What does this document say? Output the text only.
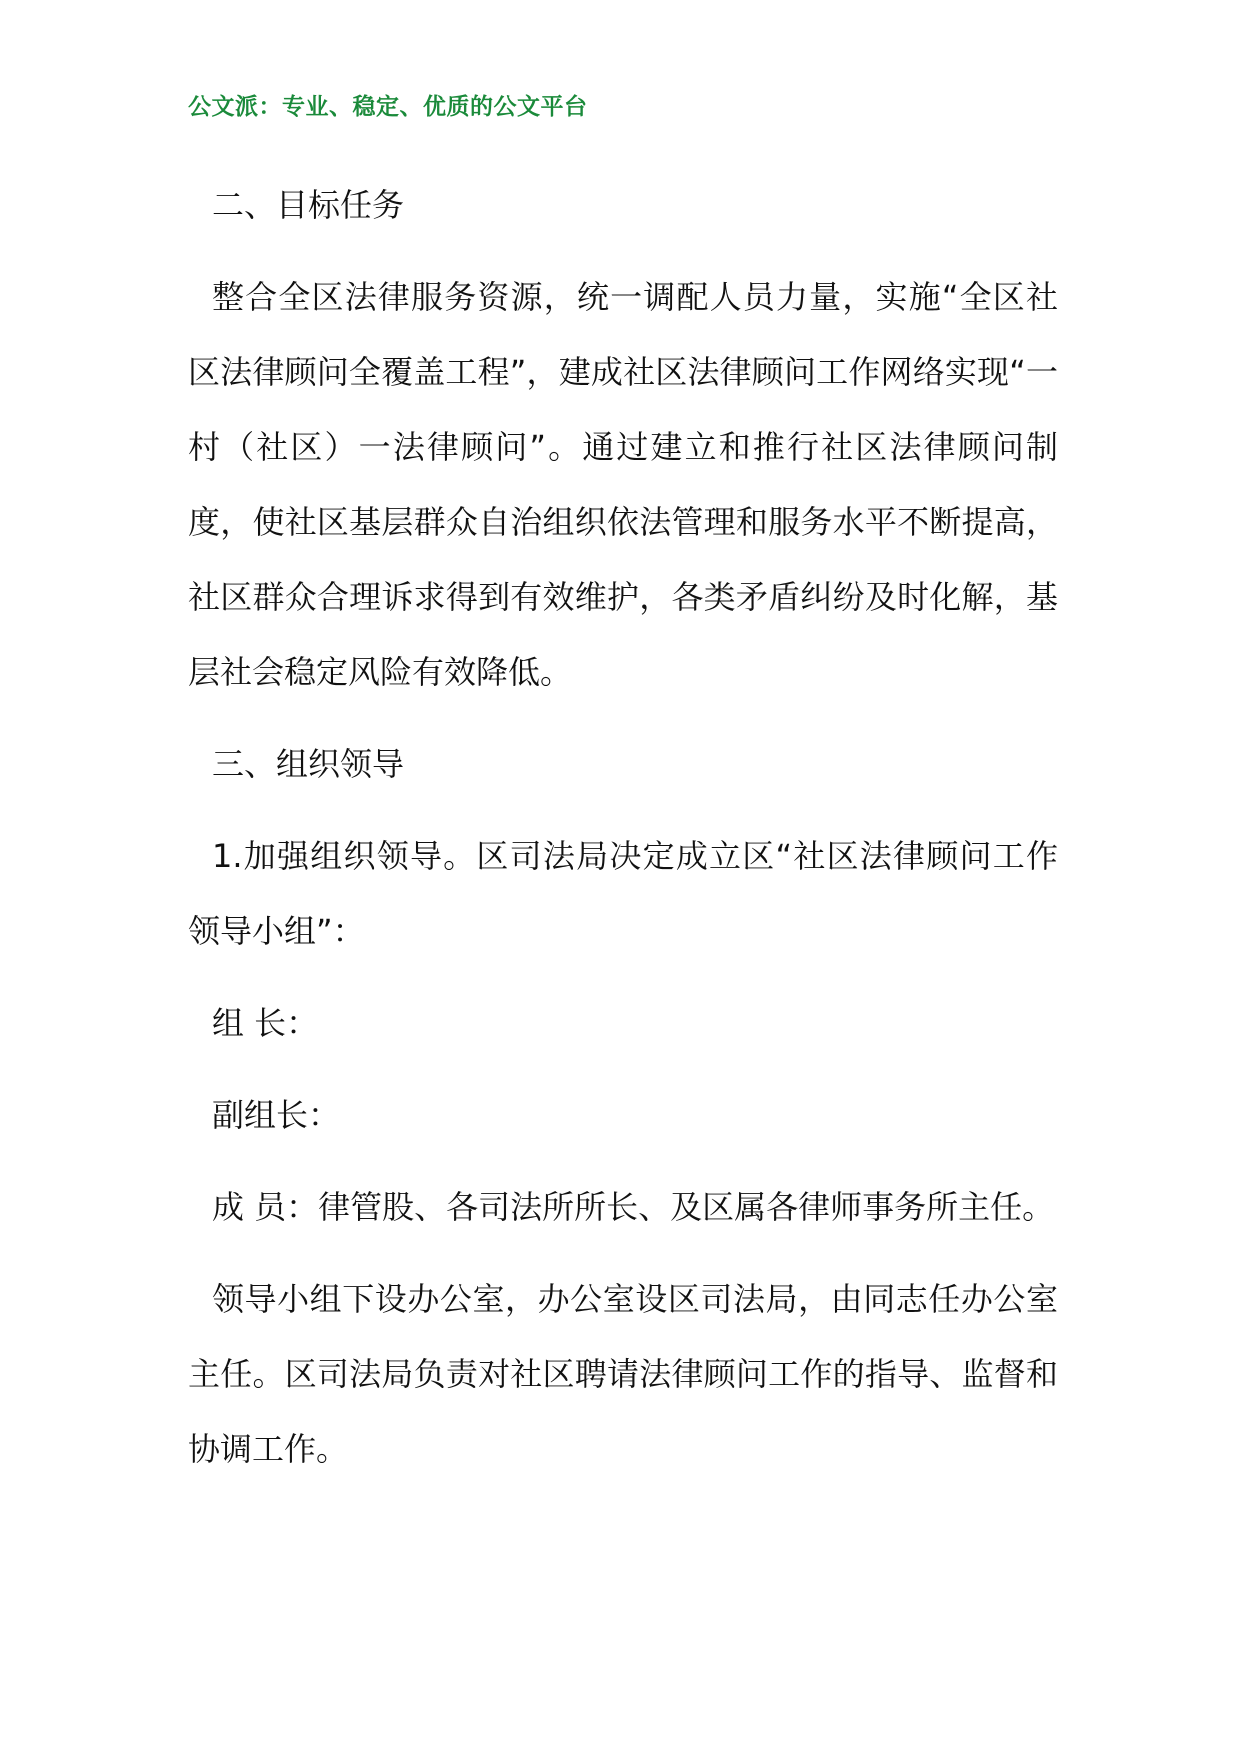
公文派：专业、稳定、优质的公文平台

二、目标任务

整合全区法律服务资源，统一调配人员力量，实施“全区社区法律顾问全覆盖工程”，建成社区法律顾问工作网络实现“一村（社区）一法律顾问”。通过建立和推行社区法律顾问制度，使社区基层群众自治组织依法管理和服务水平不断提高，社区群众合理诉求得到有效维护，各类矛盾纠纷及时化解，基层社会稳定风险有效降低。

三、组织领导

1.加强组织领导。区司法局决定成立区“社区法律顾问工作领导小组”：

组 长：

副组长：

成 员：律管股、各司法所所长、及区属各律师事务所主任。

领导小组下设办公室，办公室设区司法局，由同志任办公室主任。区司法局负责对社区聘请法律顾问工作的指导、监督和协调工作。
